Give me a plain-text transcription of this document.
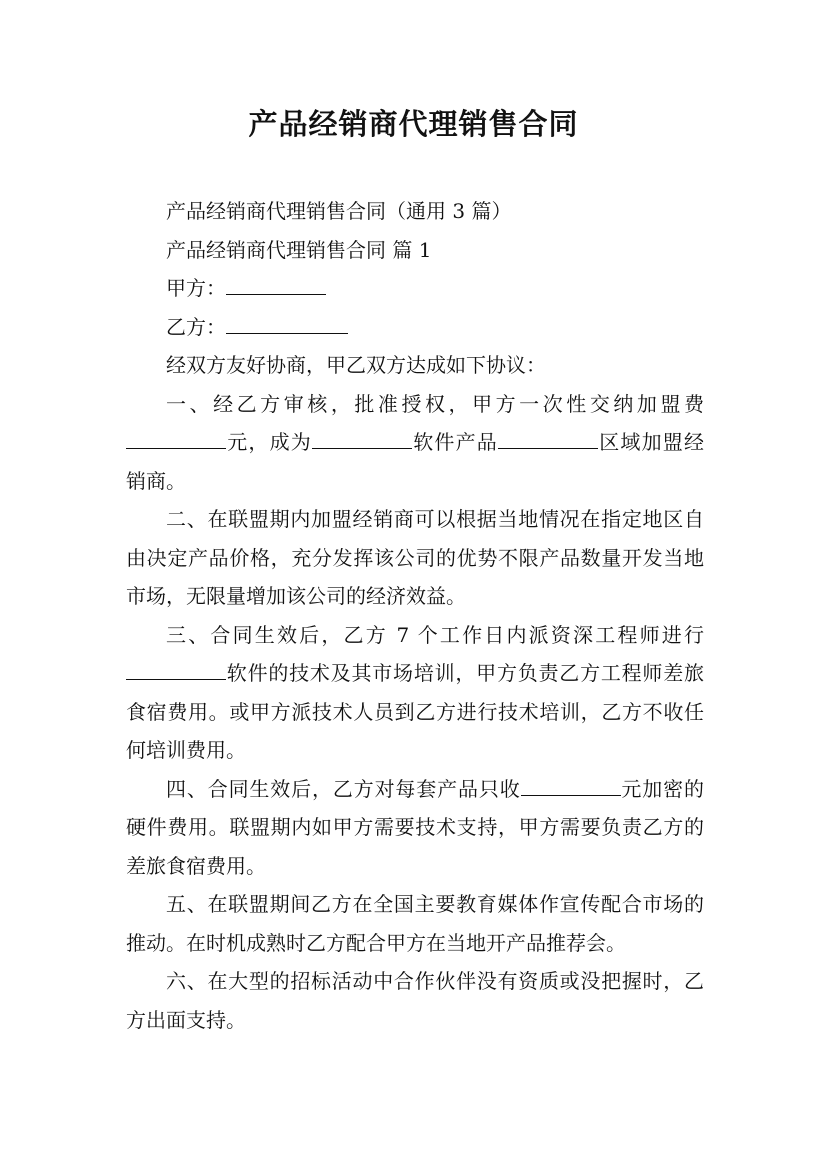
产品经销商代理销售合同

产品经销商代理销售合同（通用 3 篇）

产品经销商代理销售合同 篇 1

甲方：

乙方：

经双方友好协商，甲乙双方达成如下协议：

一、经乙方审核，批准授权，甲方一次性交纳加盟费元，成为	软件产品	区域加盟经销商。

二、在联盟期内加盟经销商可以根据当地情况在指定地区自由决定产品价格，充分发挥该公司的优势不限产品数量开发当地市场，无限量增加该公司的经济效益。

三、合同生效后，乙方 7 个工作日内派资深工程师进行软件的技术及其市场培训，甲方负责乙方工程师差旅食宿费用。或甲方派技术人员到乙方进行技术培训，乙方不收任何培训费用。

四、合同生效后，乙方对每套产品只收	元加密的硬件费用。联盟期内如甲方需要技术支持，甲方需要负责乙方的差旅食宿费用。

五、在联盟期间乙方在全国主要教育媒体作宣传配合市场的推动。在时机成熟时乙方配合甲方在当地开产品推荐会。

六、在大型的招标活动中合作伙伴没有资质或没把握时，乙方出面支持。
